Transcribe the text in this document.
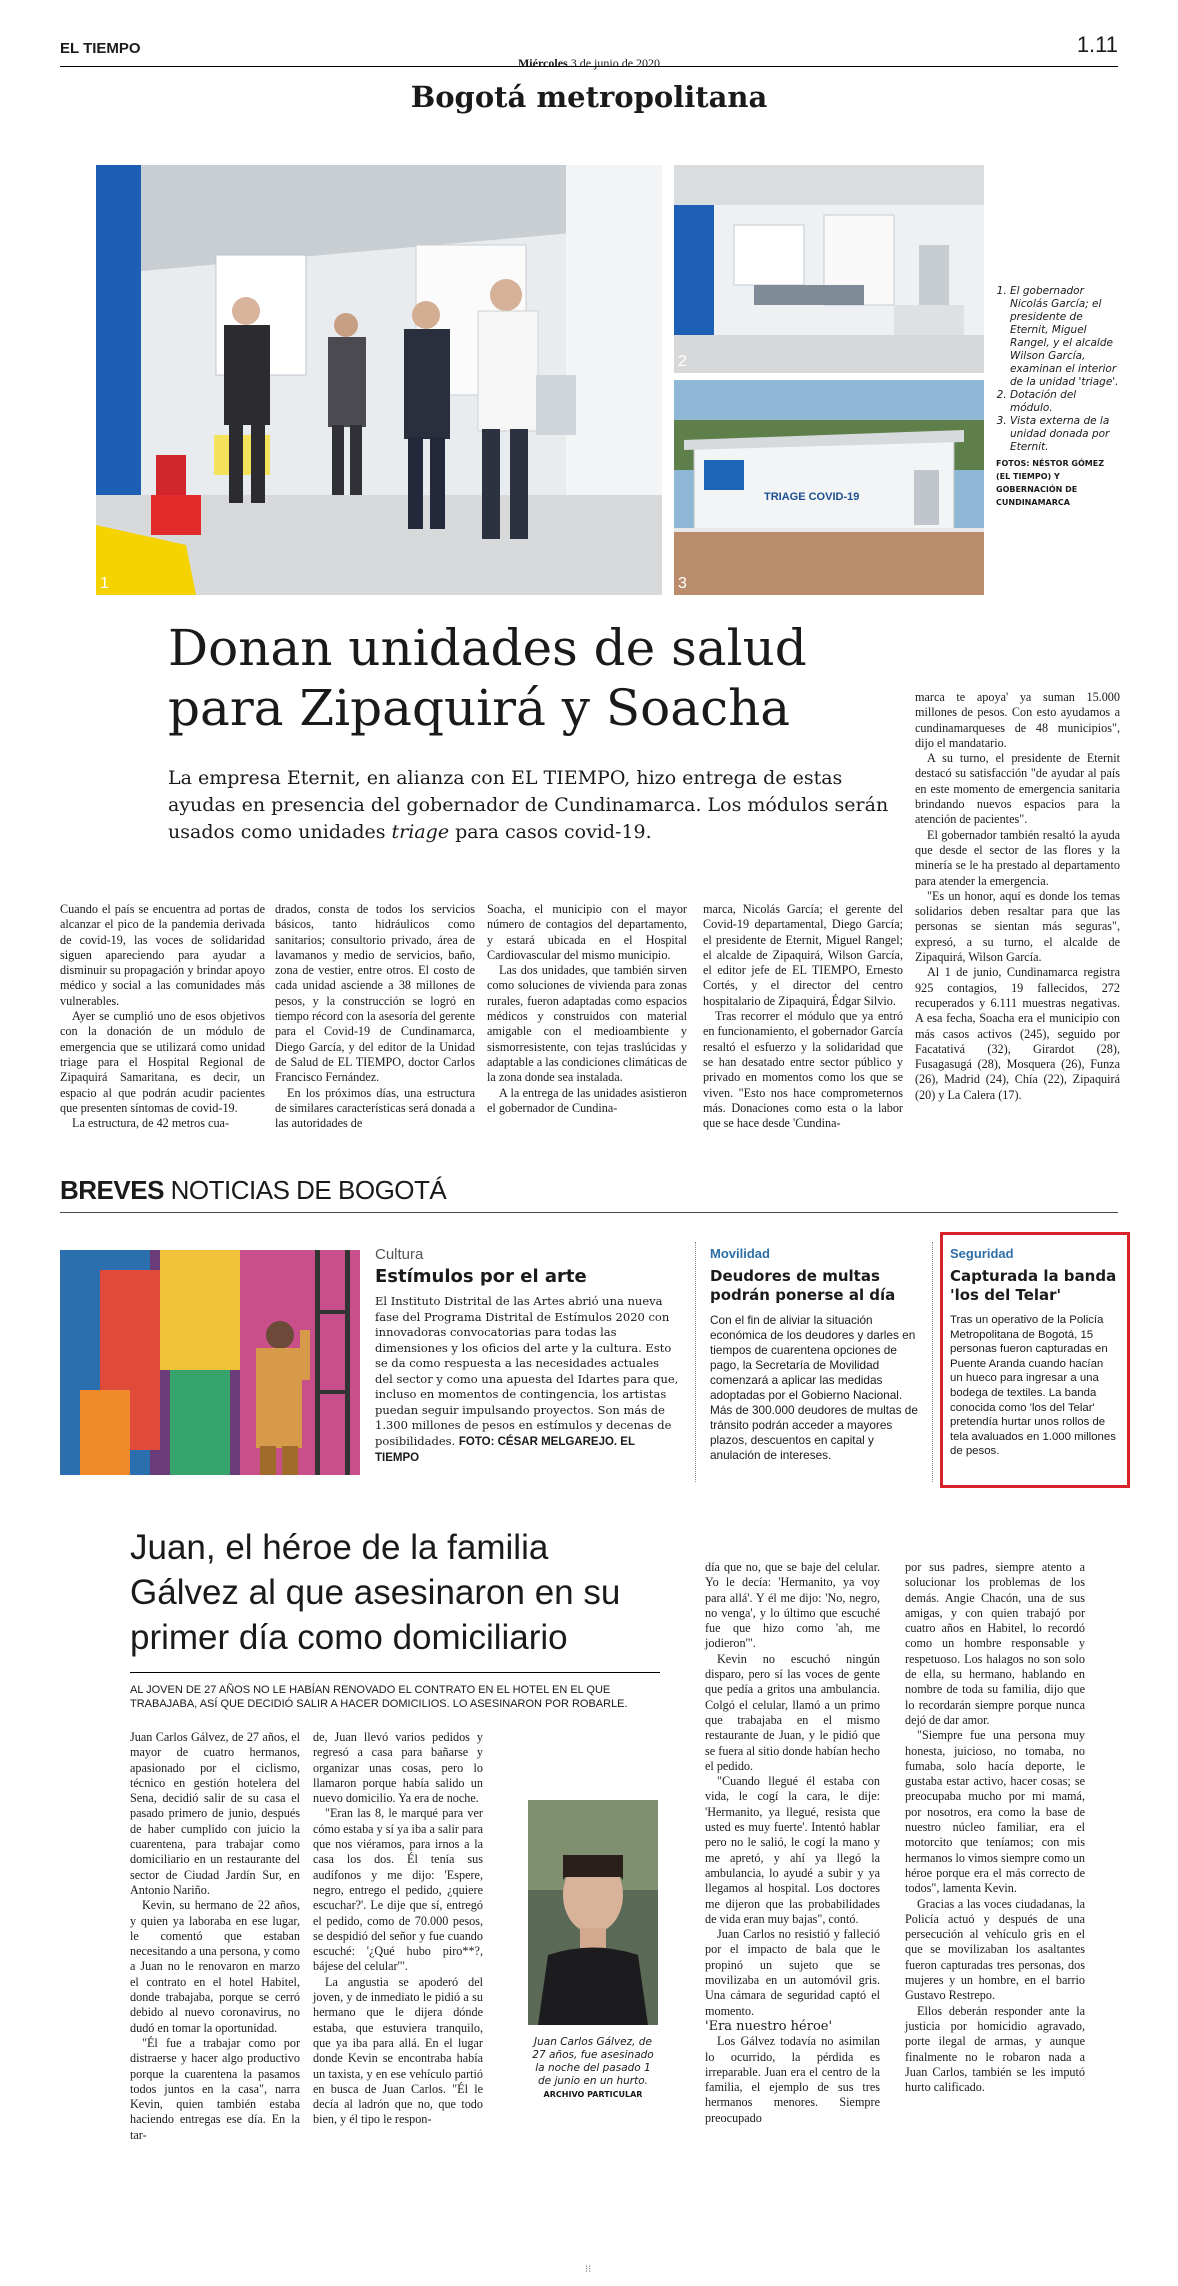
EL TIEMPO
Miércoles 3 de junio de 2020
1.11
Bogotá metropolitana
1
2
TRIAGE COVID-19
3
1. El gobernador Nicolás García; el presidente de Eternit, Miguel Rangel, y el alcalde Wilson García, examinan el interior de la unidad 'triage'.
2. Dotación del módulo.
3. Vista externa de la unidad donada por Eternit.
FOTOS: NÉSTOR GÓMEZ (EL TIEMPO) Y GOBERNACIÓN DE CUNDINAMARCA
Donan unidades de salud
para Zipaquirá y Soacha
La empresa Eternit, en alianza con EL TIEMPO, hizo entrega de estas ayudas en presencia del gobernador de Cundinamarca. Los módulos serán usados como unidades triage para casos covid-19.

Cuando el país se encuentra ad portas de alcanzar el pico de la pandemia derivada de covid-19, las voces de solidaridad siguen apareciendo para ayudar a disminuir su propagación y brindar apoyo médico y social a las comunidades más vulnerables.

Ayer se cumplió uno de esos objetivos con la donación de un módulo de emergencia que se utilizará como unidad triage para el Hospital Regional de Zipaquirá Samaritana, es decir, un espacio al que podrán acudir pacientes que presenten síntomas de covid-19.

La estructura, de 42 metros cua-

drados, consta de todos los servicios básicos, tanto hidráulicos como sanitarios; consultorio privado, área de lavamanos y medio de servicios, baño, zona de vestier, entre otros. El costo de cada unidad asciende a 38 millones de pesos, y la construcción se logró en tiempo récord con la asesoría del gerente para el Covid-19 de Cundinamarca, Diego García, y del editor de la Unidad de Salud de EL TIEMPO, doctor Carlos Francisco Fernández.

En los próximos días, una estructura de similares características será donada a las autoridades de

Soacha, el municipio con el mayor número de contagios del departamento, y estará ubicada en el Hospital Cardiovascular del mismo municipio.

Las dos unidades, que también sirven como soluciones de vivienda para zonas rurales, fueron adaptadas como espacios médicos y construidos con material amigable con el medioambiente y sismorresistente, con tejas traslúcidas y adaptable a las condiciones climáticas de la zona donde sea instalada.

A la entrega de las unidades asistieron el gobernador de Cundina-

marca, Nicolás García; el gerente del Covid-19 departamental, Diego García; el presidente de Eternit, Miguel Rangel; el alcalde de Zipaquirá, Wilson García, el editor jefe de EL TIEMPO, Ernesto Cortés, y el director del centro hospitalario de Zipaquirá, Édgar Silvio.

Tras recorrer el módulo que ya entró en funcionamiento, el gobernador García resaltó el esfuerzo y la solidaridad que se han desatado entre sector público y privado en momentos como los que se viven. "Esto nos hace comprometernos más. Donaciones como esta o la labor que se hace desde 'Cundina-

marca te apoya' ya suman 15.000 millones de pesos. Con esto ayudamos a cundinamarqueses de 48 municipios", dijo el mandatario.

A su turno, el presidente de Eternit destacó su satisfacción "de ayudar al país en este momento de emergencia sanitaria brindando nuevos espacios para la atención de pacientes".

El gobernador también resaltó la ayuda que desde el sector de las flores y la minería se le ha prestado al departamento para atender la emergencia.

"Es un honor, aquí es donde los temas solidarios deben resaltar para que las personas se sientan más seguras", expresó, a su turno, el alcalde de Zipaquirá, Wilson García.

Al 1 de junio, Cundinamarca registra 925 contagios, 19 fallecidos, 272 recuperados y 6.111 muestras negativas. A esa fecha, Soacha era el municipio con más casos activos (245), seguido por Facatativá (32), Girardot (28), Fusagasugá (28), Mosquera (26), Funza (26), Madrid (24), Chía (22), Zipaquirá (20) y La Calera (17).

BREVES NOTICIAS DE BOGOTÁ
Cultura
Estímulos por el arte
El Instituto Distrital de las Artes abrió una nueva fase del Programa Distrital de Estímulos 2020 con innovadoras convocatorias para todas las dimensiones y los oficios del arte y la cultura. Esto se da como respuesta a las necesidades actuales del sector y como una apuesta del Idartes para que, incluso en momentos de contingencia, los artistas puedan seguir impulsando proyectos. Son más de 1.300 millones de pesos en estímulos y decenas de posibilidades. FOTO: CÉSAR MELGAREJO. EL TIEMPO
Movilidad
Deudores de multas podrán ponerse al día
Con el fin de aliviar la situación económica de los deudores y darles en tiempos de cuarentena opciones de pago, la Secretaría de Movilidad comenzará a aplicar las medidas adoptadas por el Gobierno Nacional. Más de 300.000 deudores de multas de tránsito podrán acceder a mayores plazos, descuentos en capital y anulación de intereses.
Seguridad
Capturada la banda 'los del Telar'
Tras un operativo de la Policía Metropolitana de Bogotá, 15 personas fueron capturadas en Puente Aranda cuando hacían un hueco para ingresar a una bodega de textiles. La banda conocida como 'los del Telar' pretendía hurtar unos rollos de tela avaluados en 1.000 millones de pesos.
Juan, el héroe de la familia
Gálvez al que asesinaron en su
primer día como domiciliario
AL JOVEN DE 27 AÑOS NO LE HABÍAN RENOVADO EL CONTRATO EN EL HOTEL EN EL QUE TRABAJABA, ASÍ QUE DECIDIÓ SALIR A HACER DOMICILIOS. LO ASESINARON POR ROBARLE.

Juan Carlos Gálvez, de 27 años, el mayor de cuatro hermanos, apasionado por el ciclismo, técnico en gestión hotelera del Sena, decidió salir de su casa el pasado primero de junio, después de haber cumplido con juicio la cuarentena, para trabajar como domiciliario en un restaurante del sector de Ciudad Jardín Sur, en Antonio Nariño.

Kevin, su hermano de 22 años, y quien ya laboraba en ese lugar, le comentó que estaban necesitando a una persona, y como a Juan no le renovaron en marzo el contrato en el hotel Habitel, donde trabajaba, porque se cerró debido al nuevo coronavirus, no dudó en tomar la oportunidad.

"Él fue a trabajar como por distraerse y hacer algo productivo porque la cuarentena la pasamos todos juntos en la casa", narra Kevin, quien también estaba haciendo entregas ese día. En la tar-

de, Juan llevó varios pedidos y regresó a casa para bañarse y organizar unas cosas, pero lo llamaron porque había salido un nuevo domicilio. Ya era de noche.

"Eran las 8, le marqué para ver cómo estaba y sí ya iba a salir para que nos viéramos, para irnos a la casa los dos. Él tenía sus audífonos y me dijo: 'Espere, negro, entrego el pedido, ¿quiere escuchar?'. Le dije que sí, entregó el pedido, como de 70.000 pesos, se despidió del señor y fue cuando escuché: '¿Qué hubo piro**?, bájese del celular'".

La angustia se apoderó del joven, y de inmediato le pidió a su hermano que le dijera dónde estaba, que estuviera tranquilo, que ya iba para allá. En el lugar donde Kevin se encontraba había un taxista, y en ese vehículo partió en busca de Juan Carlos. "Él le decía al ladrón que no, que todo bien, y él tipo le respon-

Juan Carlos Gálvez, de 27 años, fue asesinado la noche del pasado 1 de junio en un hurto.
ARCHIVO PARTICULAR

día que no, que se baje del celular. Yo le decía: 'Hermanito, ya voy para allá'. Y él me dijo: 'No, negro, no venga', y lo último que escuché fue que hizo como 'ah, me jodieron'".

Kevin no escuchó ningún disparo, pero sí las voces de gente que pedía a gritos una ambulancia. Colgó el celular, llamó a un primo que trabajaba en el mismo restaurante de Juan, y le pidió que se fuera al sitio donde habían hecho el pedido.

"Cuando llegué él estaba con vida, le cogí la cara, le dije: 'Hermanito, ya llegué, resista que usted es muy fuerte'. Intentó hablar pero no le salió, le cogí la mano y me apretó, y ahí ya llegó la ambulancia, lo ayudé a subir y ya llegamos al hospital. Los doctores me dijeron que las probabilidades de vida eran muy bajas", contó.

Juan Carlos no resistió y falleció por el impacto de bala que le propinó un sujeto que se movilizaba en un automóvil gris. Una cámara de seguridad captó el momento.

'Era nuestro héroe'

Los Gálvez todavía no asimilan lo ocurrido, la pérdida es irreparable. Juan era el centro de la familia, el ejemplo de sus tres hermanos menores. Siempre preocupado

por sus padres, siempre atento a solucionar los problemas de los demás. Angie Chacón, una de sus amigas, y con quien trabajó por cuatro años en Habitel, lo recordó como un hombre responsable y respetuoso. Los halagos no son solo de ella, su hermano, hablando en nombre de toda su familia, dijo que lo recordarán siempre porque nunca dejó de dar amor.

"Siempre fue una persona muy honesta, juicioso, no tomaba, no fumaba, solo hacía deporte, le gustaba estar activo, hacer cosas; se preocupaba mucho por mi mamá, por nosotros, era como la base de nuestro núcleo familiar, era el motorcito que teníamos; con mis hermanos lo vimos siempre como un héroe porque era el más correcto de todos", lamenta Kevin.

Gracias a las voces ciudadanas, la Policía actuó y después de una persecución al vehículo gris en el que se movilizaban los asaltantes fueron capturadas tres personas, dos mujeres y un hombre, en el barrio Gustavo Restrepo.

Ellos deberán responder ante la justicia por homicidio agravado, porte ilegal de armas, y aunque finalmente no le robaron nada a Juan Carlos, también se les imputó hurto calificado.

⁝⁝
